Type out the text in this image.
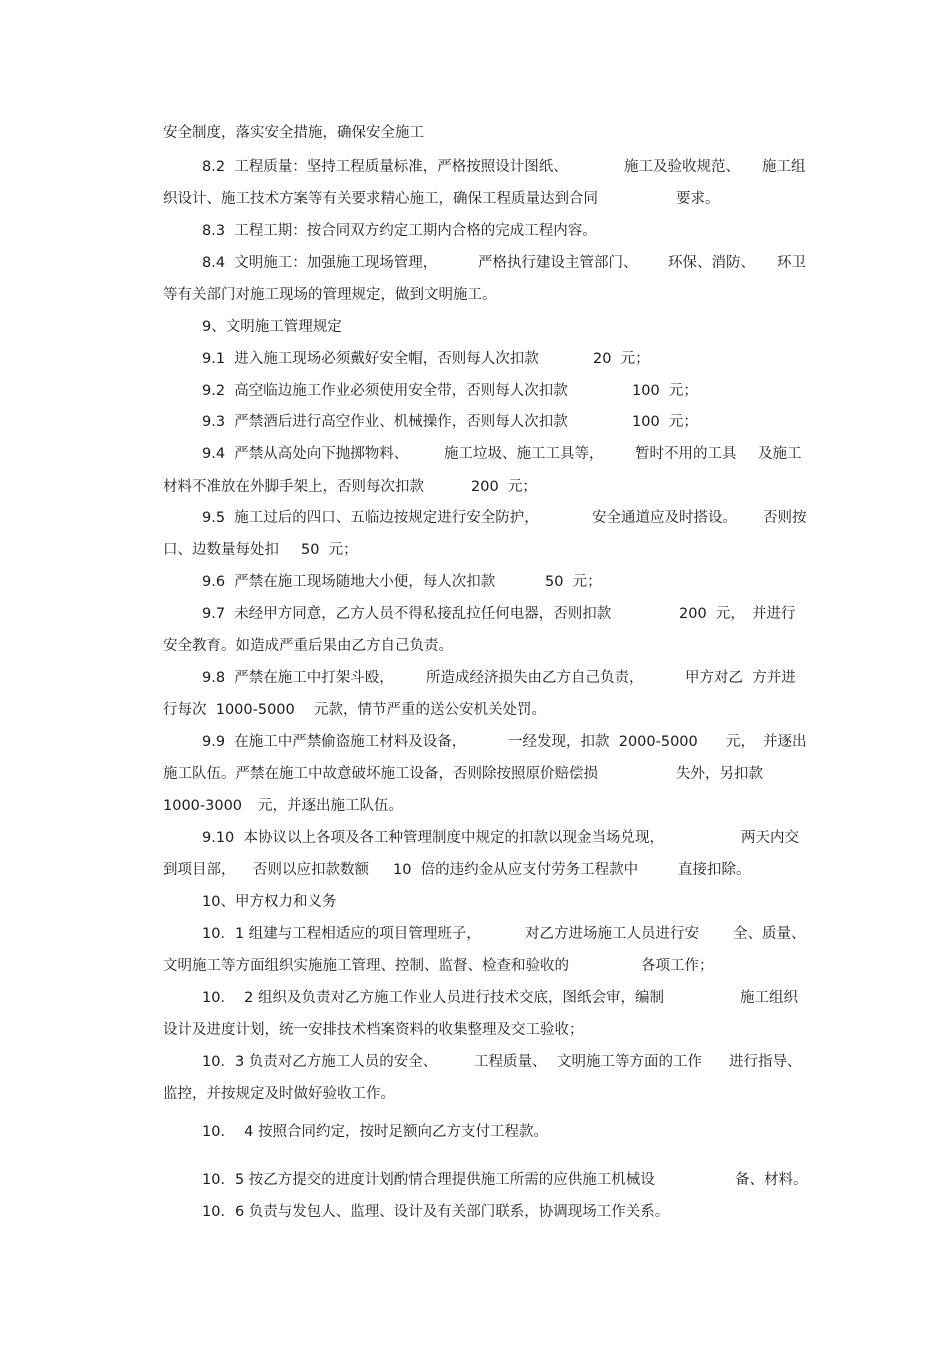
安全制度，落实安全措施，确保安全施工

8.2  工程质量：坚持工程质量标准，严格按照设计图纸、

	施工及验收规范、

施工组

织设计、施工技术方案等有关要求精心施工，确保工程质量达到合同

	要求。

8.3  工程工期：按合同双方约定工期内合格的完成工程内容。

8.4  文明施工：加强施工现场管理，

	严格执行建设主管部门、

环保、消防、

环卫

等有关部门对施工现场的管理规定，做到文明施工。

9、文明施工管理规定

9.1  进入施工现场必须戴好安全帽，否则每人次扣款

	20  元；

9.2  高空临边施工作业必须使用安全带，否则每人次扣款

	100  元；

9.3  严禁酒后进行高空作业、机械操作，否则每人次扣款

	100  元；

9.4  严禁从高处向下抛掷物料、

施工垃圾、施工工具等，

暂时不用的工具

及施工

材料不准放在外脚手架上，否则每次扣款

	200  元；

9.5  施工过后的四口、五临边按规定进行安全防护，

	安全通道应及时搭设。

否则按

口、边数量每处扣

50  元；

9.6  严禁在施工现场随地大小便，每人次扣款

	50  元；

9.7  未经甲方同意，乙方人员不得私接乱拉任何电器，否则扣款

	200  元，

并进行

安全教育。如造成严重后果由乙方自己负责。

9.8  严禁在施工中打架斗殴，

所造成经济损失由乙方自己负责，

	甲方对乙  方并进

行每次  1000-5000

元款，情节严重的送公安机关处罚。

9.9  在施工中严禁偷盗施工材料及设备，

	一经发现，扣款  2000-5000

元，

并逐出

施工队伍。严禁在施工中故意破坏施工设备，否则除按照原价赔偿损

	失外，另扣款

1000-3000

元，并逐出施工队伍。

9.10  本协议以上各项及各工种管理制度中规定的扣款以现金当场兑现，

	两天内交

到项目部，

否则以应扣款数额

10  倍的违约金从应支付劳务工程款中

	直接扣除。

10、甲方权力和义务

10．1 组建与工程相适应的项目管理班子，

	对乙方进场施工人员进行安

全、质量、

文明施工等方面组织实施施工管理、控制、监督、检查和验收的

	各项工作；

10．  2 组织及负责对乙方施工作业人员进行技术交底，图纸会审，编制

	施工组织

设计及进度计划，统一安排技术档案资料的收集整理及交工验收；

10．3 负责对乙方施工人员的安全、

	工程质量、

文明施工等方面的工作

进行指导、

监控，并按规定及时做好验收工作。

10．  4 按照合同约定，按时足额向乙方支付工程款。

10．5 按乙方提交的进度计划酌情合理提供施工所需的应供施工机械设

	备、材料。

10．6 负责与发包人、监理、设计及有关部门联系，协调现场工作关系。
